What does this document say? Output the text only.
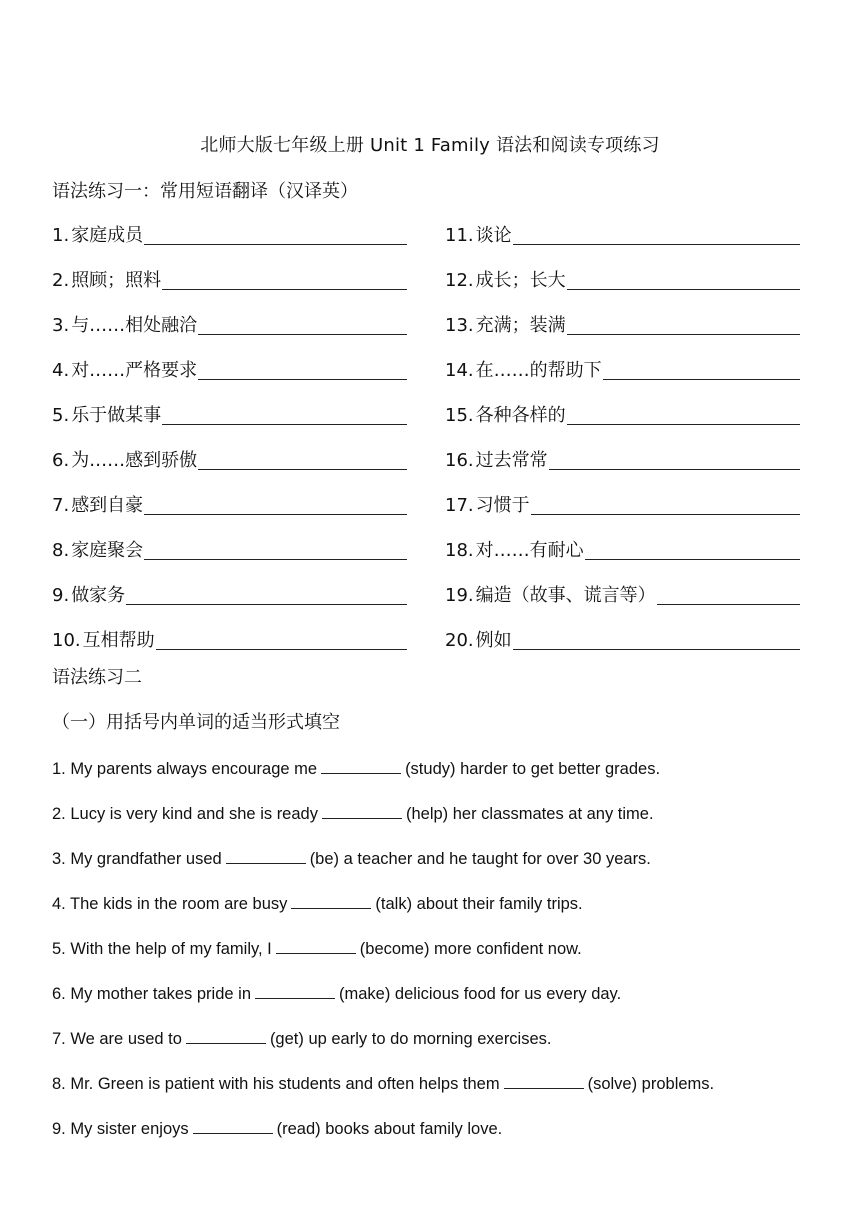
北师大版七年级上册 Unit 1 Family 语法和阅读专项练习
语法练习一：常用短语翻译（汉译英）
1. 家庭成员
2. 照顾；照料
3. 与……相处融洽
4. 对……严格要求
5. 乐于做某事
6. 为……感到骄傲
7. 感到自豪
8. 家庭聚会
9. 做家务
10. 互相帮助
11. 谈论
12. 成长；长大
13. 充满；装满
14. 在……的帮助下
15. 各种各样的
16. 过去常常
17. 习惯于
18. 对……有耐心
19. 编造（故事、谎言等）
20. 例如
语法练习二
（一）用括号内单词的适当形式填空
1. My parents always encourage me	(study) harder to get better grades.
2. Lucy is very kind and she is ready	(help) her classmates at any time.
3. My grandfather used	(be) a teacher and he taught for over 30 years.
4. The kids in the room are busy	(talk) about their family trips.
5. With the help of my family, I	(become) more confident now.
6. My mother takes pride in	(make) delicious food for us every day.
7. We are used to	(get) up early to do morning exercises.
8. Mr. Green is patient with his students and often helps them	(solve) problems.
9. My sister enjoys	(read) books about family love.
